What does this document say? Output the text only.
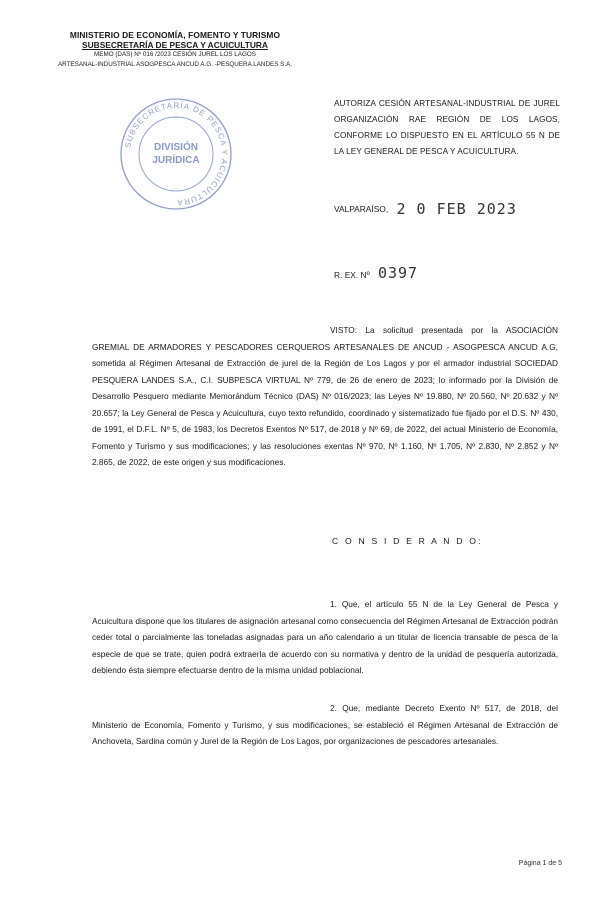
MINISTERIO DE ECONOMÍA, FOMENTO Y TURISMO
SUBSECRETARÍA DE PESCA Y ACUICULTURA
MEMO (DAS) Nº 016 /2023 CESIÓN JUREL LOS LAGOS
ARTESANAL-INDUSTRIAL ASOGPESCA ANCUD A.G. -PESQUERA LANDES S.A.
SUBSECRETARÍA DE PESCA Y ACUICULTURA
DIVISIÓN
JURÍDICA
AUTORIZA CESIÓN ARTESANAL-INDUSTRIAL DE JUREL ORGANIZACIÓN RAE REGIÓN DE LOS LAGOS, CONFORME LO DISPUESTO EN EL ARTÍCULO 55 N DE LA LEY GENERAL DE PESCA Y ACUICULTURA.
VALPARAÍSO, 2 0 FEB 2023
R. EX. Nº 0397
VISTO: La solicitud presentada por la ASOCIACIÓN GREMIAL DE ARMADORES Y PESCADORES CERQUEROS ARTESANALES DE ANCUD - ASOGPESCA ANCUD A.G, sometida al Régimen Artesanal de Extracción de jurel de la Región de Los Lagos y por el armador industrial SOCIEDAD PESQUERA LANDES S.A., C.I. SUBPESCA VIRTUAL Nº 779, de 26 de enero de 2023; lo informado por la División de Desarrollo Pesquero mediante Memorándum Técnico (DAS) Nº 016/2023; las Leyes Nº 19.880, Nº 20.560, Nº 20.632 y Nº 20.657; la Ley General de Pesca y Acuicultura, cuyo texto refundido, coordinado y sistematizado fue fijado por el D.S. Nº 430, de 1991, el D.F.L. Nº 5, de 1983, los Decretos Exentos Nº 517, de 2018 y Nº 69, de 2022, del actual Ministerio de Economía, Fomento y Turismo y sus modificaciones; y las resoluciones exentas Nº 970, Nº 1.160, Nº 1.705, Nº 2.830, Nº 2.852 y Nº 2.865, de 2022, de este origen y sus modificaciones.
C O N S I D E R A N D O:
1. Que, el artículo 55 N de la Ley General de Pesca y Acuicultura dispone que los titulares de asignación artesanal como consecuencia del Régimen Artesanal de Extracción podrán ceder total o parcialmente las toneladas asignadas para un año calendario a un titular de licencia transable de pesca de la especie de que se trate, quien podrá extraerla de acuerdo con su normativa y dentro de la unidad de pesquería autorizada, debiendo ésta siempre efectuarse dentro de la misma unidad poblacional.
2. Que, mediante Decreto Exento Nº 517, de 2018, del Ministerio de Economía, Fomento y Turismo, y sus modificaciones, se estableció el Régimen Artesanal de Extracción de Anchoveta, Sardina común y Jurel de la Región de Los Lagos, por organizaciones de pescadores artesanales.
Página 1 de 5
